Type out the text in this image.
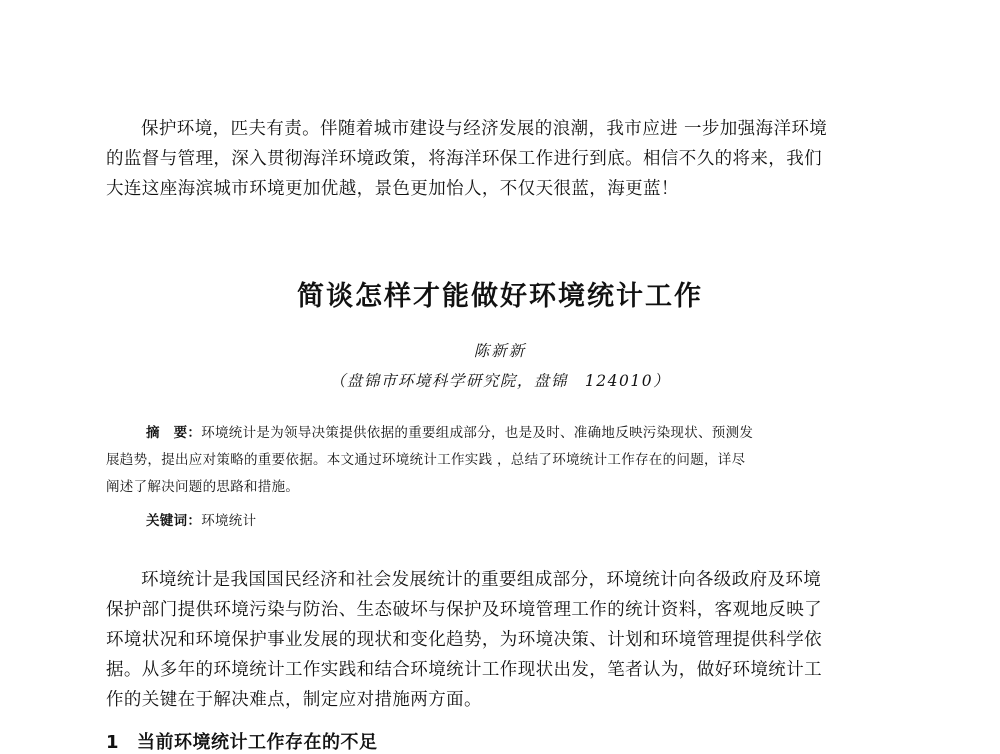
保护环境，匹夫有责。伴随着城市建设与经济发展的浪潮，我市应进 一步加强海洋环境
的监督与管理，深入贯彻海洋环境政策，将海洋环保工作进行到底。相信不久的将来，我们
大连这座海滨城市环境更加优越，景色更加怡人，不仅天很蓝，海更蓝！

简谈怎样才能做好环境统计工作
陈新新
（盘锦市环境科学研究院，盘锦　124010）
摘　要：环境统计是为领导决策提供依据的重要组成部分，也是及时、准确地反映污染现状、预测发
展趋势，提出应对策略的重要依据。本文通过环境统计工作实践 ，总结了环境统计工作存在的问题，详尽
阐述了解决问题的思路和措施。
关键词：环境统计

环境统计是我国国民经济和社会发展统计的重要组成部分，环境统计向各级政府及环境
保护部门提供环境污染与防治、生态破坏与保护及环境管理工作的统计资料，客观地反映了
环境状况和环境保护事业发展的现状和变化趋势，为环境决策、计划和环境管理提供科学依
据。从多年的环境统计工作实践和结合环境统计工作现状出发，笔者认为，做好环境统计工
作的关键在于解决难点，制定应对措施两方面。

1 当前环境统计工作存在的不足
